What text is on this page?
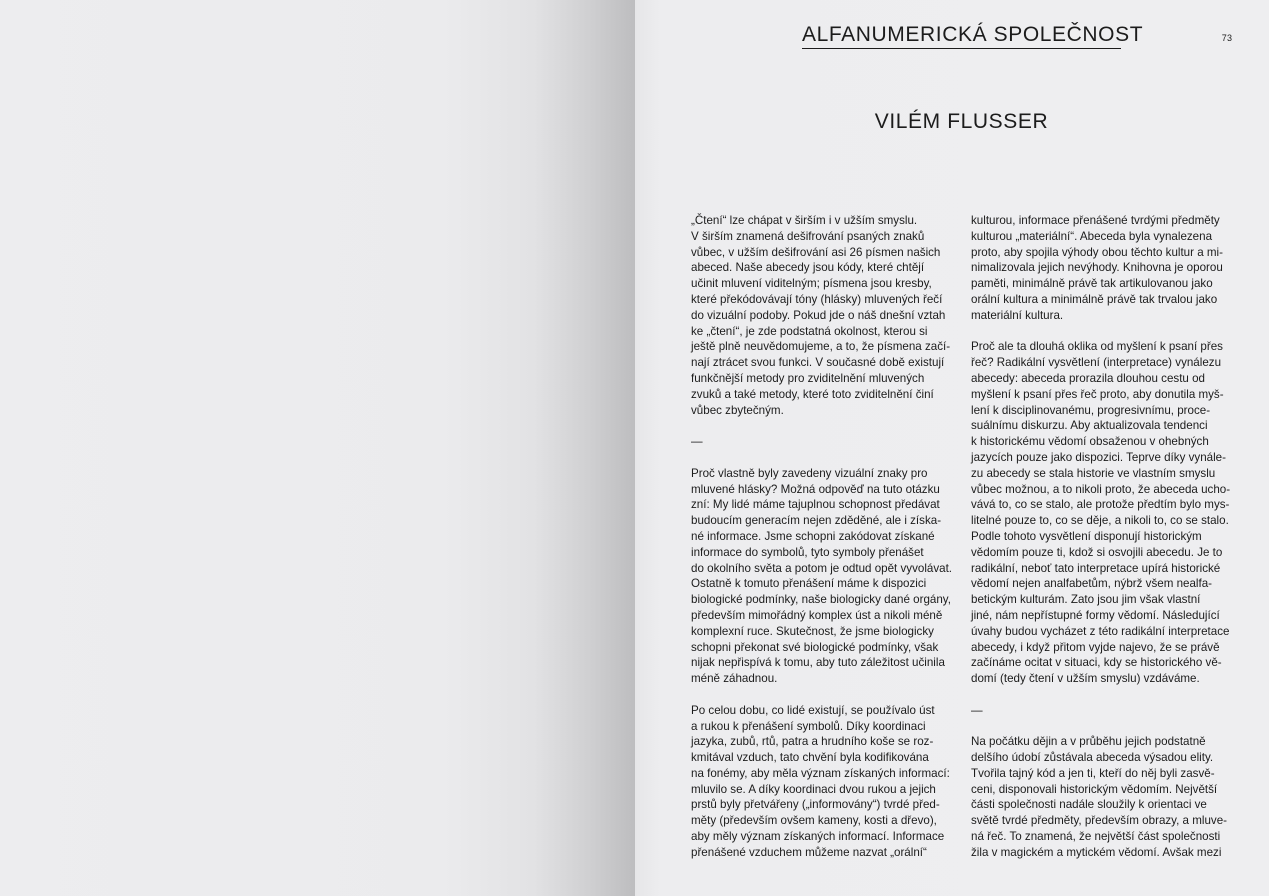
ALFANUMERICKÁ SPOLEČNOST	73
VILÉM FLUSSER
„Čtení“ lze chápat v širším i v užším smyslu.
V širším znamená dešifrování psaných znaků
vůbec, v užším dešifrování asi 26 písmen našich
abeced. Naše abecedy jsou kódy, které chtějí
učinit mluvení viditelným; písmena jsou kresby,
které překódovávají tóny (hlásky) mluvených řečí
do vizuální podoby. Pokud jde o náš dnešní vztah
ke „čtení“, je zde podstatná okolnost, kterou si
ještě plně neuvědomujeme, a to, že písmena začí-
nají ztrácet svou funkci. V současné době existují
funkčnější metody pro zviditelnění mluvených
zvuků a také metody, které toto zviditelnění činí
vůbec zbytečným.
—
Proč vlastně byly zavedeny vizuální znaky pro
mluvené hlásky? Možná odpověď na tuto otázku
zní: My lidé máme tajuplnou schopnost předávat
budoucím generacím nejen zděděné, ale i získa-
né informace. Jsme schopni zakódovat získané
informace do symbolů, tyto symboly přenášet
do okolního světa a potom je odtud opět vyvolávat.
Ostatně k tomuto přenášení máme k dispozici
biologické podmínky, naše biologicky dané orgány,
především mimořádný komplex úst a nikoli méně
komplexní ruce. Skutečnost, že jsme biologicky
schopni překonat své biologické podmínky, však
nijak nepřispívá k tomu, aby tuto záležitost učinila
méně záhadnou.
Po celou dobu, co lidé existují, se používalo úst
a rukou k přenášení symbolů. Díky koordinaci
jazyka, zubů, rtů, patra a hrudního koše se roz-
kmitával vzduch, tato chvění byla kodifikována
na fonémy, aby měla význam získaných informací:
mluvilo se. A díky koordinaci dvou rukou a jejich
prstů byly přetvářeny („informovány“) tvrdé před-
měty (především ovšem kameny, kosti a dřevo),
aby měly význam získaných informací. Informace
přenášené vzduchem můžeme nazvat „orální“
kulturou, informace přenášené tvrdými předměty
kulturou „materiální“. Abeceda byla vynalezena
proto, aby spojila výhody obou těchto kultur a mi-
nimalizovala jejich nevýhody. Knihovna je oporou
paměti, minimálně právě tak artikulovanou jako
orální kultura a minimálně právě tak trvalou jako
materiální kultura.
Proč ale ta dlouhá oklika od myšlení k psaní přes
řeč? Radikální vysvětlení (interpretace) vynálezu
abecedy: abeceda prorazila dlouhou cestu od
myšlení k psaní přes řeč proto, aby donutila myš-
lení k disciplinovanému, progresivnímu, proce-
suálnímu diskurzu. Aby aktualizovala tendenci
k historickému vědomí obsaženou v ohebných
jazycích pouze jako dispozici. Teprve díky vynále-
zu abecedy se stala historie ve vlastním smyslu
vůbec možnou, a to nikoli proto, že abeceda ucho-
vává to, co se stalo, ale protože předtím bylo mys-
litelné pouze to, co se děje, a nikoli to, co se stalo.
Podle tohoto vysvětlení disponují historickým
vědomím pouze ti, kdož si osvojili abecedu. Je to
radikální, neboť tato interpretace upírá historické
vědomí nejen analfabetům, nýbrž všem nealfa-
betickým kulturám. Zato jsou jim však vlastní
jiné, nám nepřístupné formy vědomí. Následující
úvahy budou vycházet z této radikální interpretace
abecedy, i když přitom vyjde najevo, že se právě
začínáme ocitat v situaci, kdy se historického vě-
domí (tedy čtení v užším smyslu) vzdáváme.
—
Na počátku dějin a v průběhu jejich podstatně
delšího údobí zůstávala abeceda výsadou elity.
Tvořila tajný kód a jen ti, kteří do něj byli zasvě-
ceni, disponovali historickým vědomím. Největší
části společnosti nadále sloužily k orientaci ve
světě tvrdé předměty, především obrazy, a mluve-
ná řeč. To znamená, že největší část společnosti
žila v magickém a mytickém vědomí. Avšak mezi
